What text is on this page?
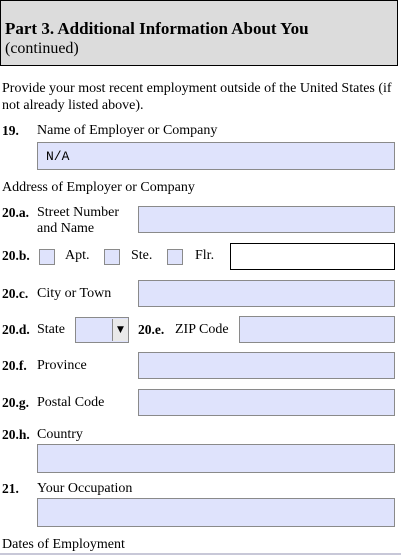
Part 3. Additional Information About You
(continued)
Provide your most recent employment outside of the United States (if not already listed above).
19. Name of Employer or Company
N/A
Address of Employer or Company
20.a. Street Number
and Name
20.b.	Apt.	Ste.	Flr.
20.c. City or Town
20.d. State	▼ 20.e. ZIP Code
20.f. Province
20.g. Postal Code
20.h. Country
21. Your Occupation
Dates of Employment
